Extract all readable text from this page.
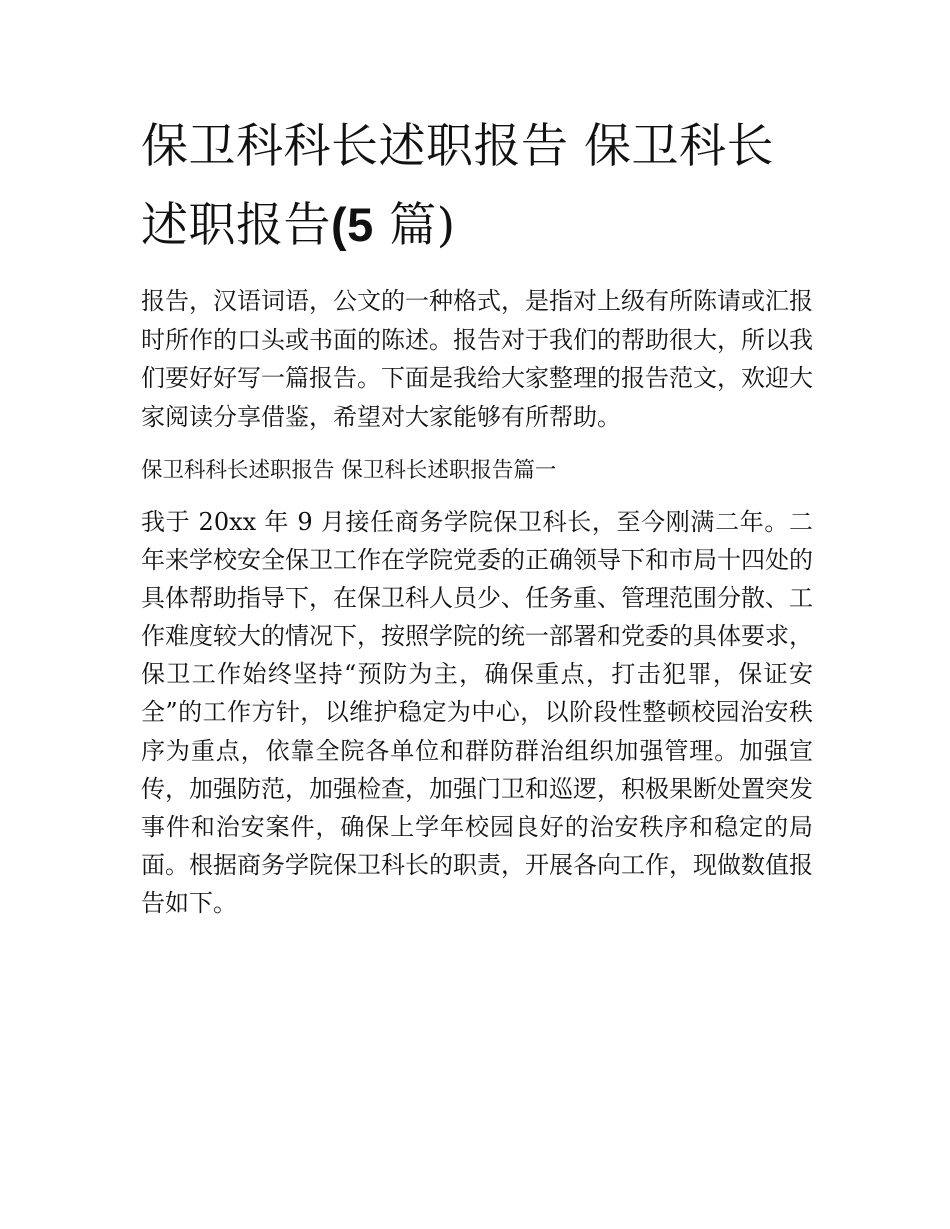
保卫科科长述职报告 保卫科长述职报告(5 篇)

报告，汉语词语，公文的一种格式，是指对上级有所陈请或汇报时所作的口头或书面的陈述。报告对于我们的帮助很大，所以我们要好好写一篇报告。下面是我给大家整理的报告范文，欢迎大家阅读分享借鉴，希望对大家能够有所帮助。

保卫科科长述职报告 保卫科长述职报告篇一

我于 20xx 年 9 月接任商务学院保卫科长，至今刚满二年。二年来学校安全保卫工作在学院党委的正确领导下和市局十四处的具体帮助指导下，在保卫科人员少、任务重、管理范围分散、工作难度较大的情况下，按照学院的统一部署和党委的具体要求，保卫工作始终坚持“预防为主，确保重点，打击犯罪，保证安全”的工作方针，以维护稳定为中心，以阶段性整顿校园治安秩序为重点，依靠全院各单位和群防群治组织加强管理。加强宣传，加强防范，加强检查，加强门卫和巡逻，积极果断处置突发事件和治安案件，确保上学年校园良好的治安秩序和稳定的局面。根据商务学院保卫科长的职责，开展各向工作，现做数值报告如下。
